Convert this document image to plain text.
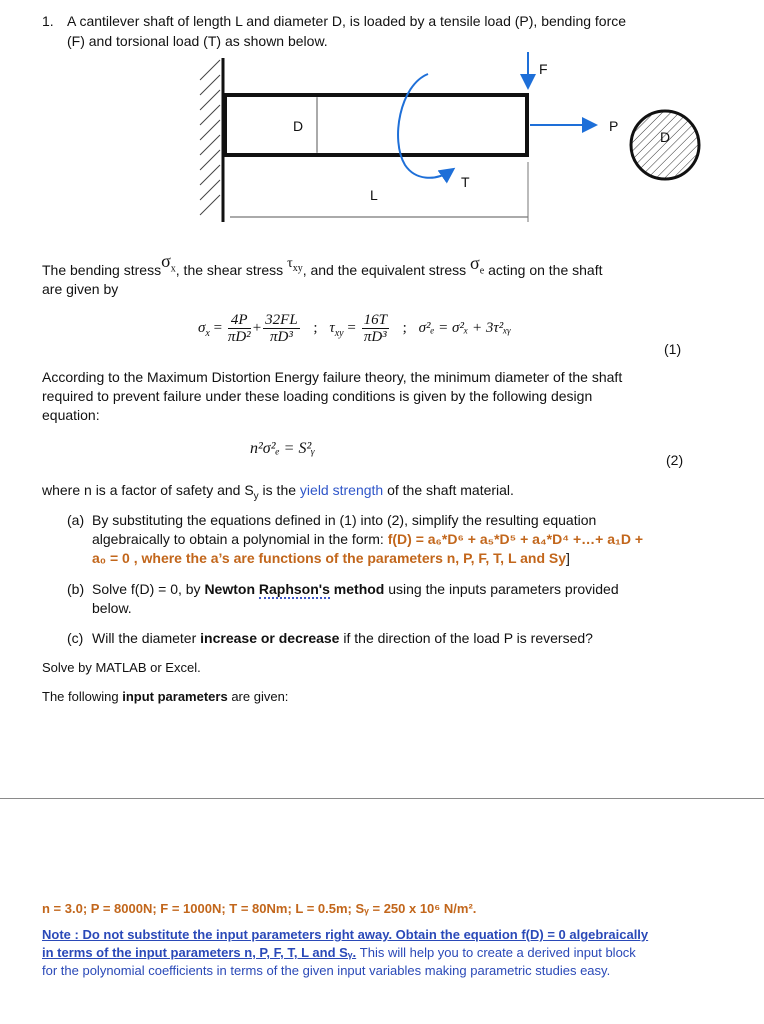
1. A cantilever shaft of length L and diameter D, is loaded by a tensile load (P), bending force
(F) and torsional load (T) as shown below.
F
D	P
D
T
L
The bending stressσ$_x$, the shear stress $\tau_{xy}$, and the equivalent stress $\sigma_e$ acting on the shaft
are given by
$\sigma_x = \frac{4P}{\text{πD²}} + \frac{32FL}{\text{πD³}}$ ; $\tau_{xy} = \frac{16T}{\text{πD³}}$ ; σ²ₑ = σ²ₓ + 3τ²ₓᵧ
(1)
According to the Maximum Distortion Energy failure theory, the minimum diameter of the shaft
required to prevent failure under these loading conditions is given by the following design
equation:
n²σ²ₑ = S²ᵧ
(2)
where n is a factor of safety and $S_y$ is the yield strength of the shaft material.
(a) By substituting the equations defined in (1) into (2), simplify the resulting equation
algebraically to obtain a polynomial in the form: f(D) = a₆*D⁶ + a₅*D⁵ + a₄*D⁴ +…+ a₁D +
a₀ = 0 , where the a’s are functions of the parameters n, P, F, T, L and Sy]
(b) Solve f(D) = 0, by Newton Raphson's method using the inputs parameters provided
below.
(c) Will the diameter increase or decrease if the direction of the load P is reversed?
Solve by MATLAB or Excel.
The following input parameters are given:
n = 3.0; P = 8000N; F = 1000N; T = 80Nm; L = 0.5m; Sᵧ = 250 x 10⁶ N/m².
Note : Do not substitute the input parameters right away. Obtain the equation f(D) = 0 algebraically
in terms of the input parameters n, P, F, T, L and Sᵧ. This will help you to create a derived input block
for the polynomial coefficients in terms of the given input variables making parametric studies easy.
